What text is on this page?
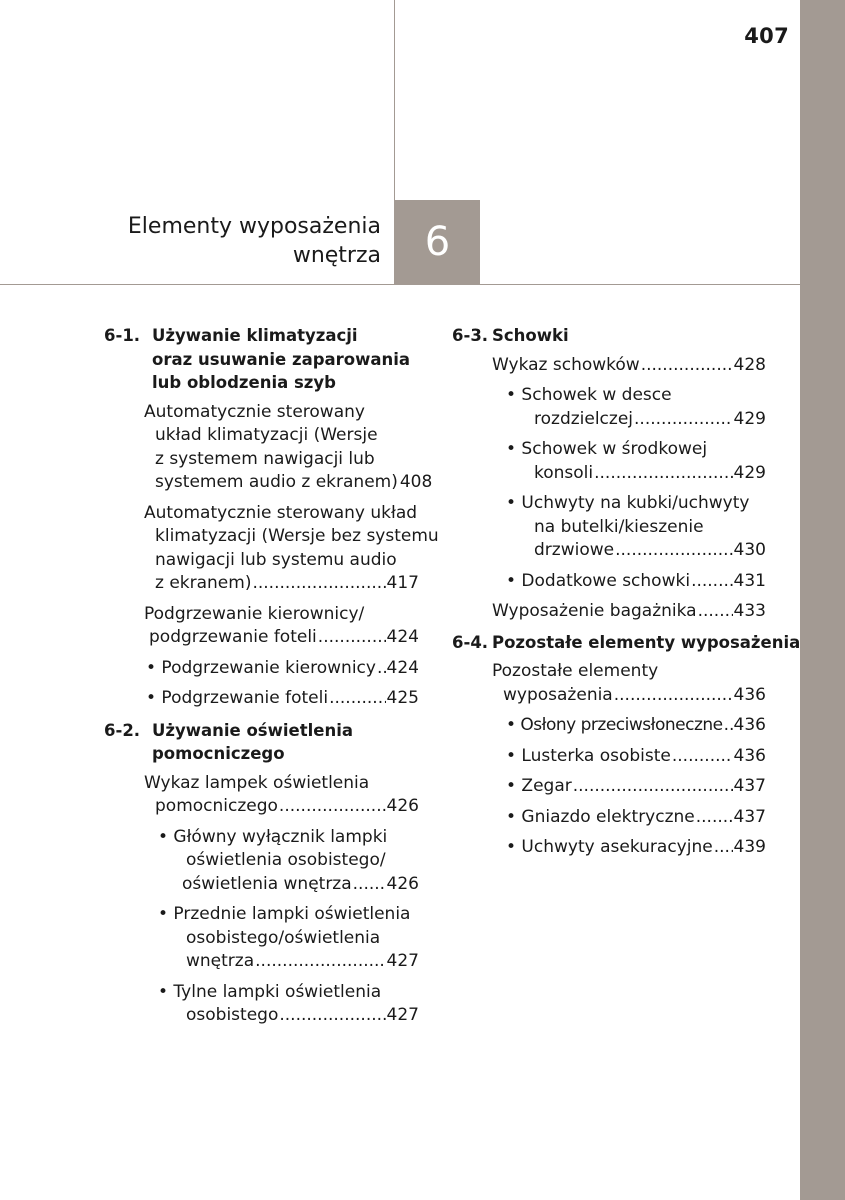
407
Elementy wyposażenia
wnętrza 6
6-1. Używanie klimatyzacji
oraz usuwanie zaparowania
lub oblodzenia szyb
Automatycznie sterowany
układ klimatyzacji (Wersje
z systemem nawigacji lub
systemem audio z ekranem) 408
Automatycznie sterowany układ
klimatyzacji (Wersje bez systemu
nawigacji lub systemu audio
z ekranem) .....	417
Podgrzewanie kierownicy/
podgrzewanie foteli .....	424
• Podgrzewanie kierownicy ..... 424
• Podgrzewanie foteli .....	425
6-2. Używanie oświetlenia
pomocniczego
Wykaz lampek oświetlenia
pomocniczego .....	426
• Główny wyłącznik lampki
oświetlenia osobistego/
oświetlenia wnętrza ..... 426
• Przednie lampki oświetlenia
osobistego/oświetlenia
wnętrza .....	427
• Tylne lampki oświetlenia
osobistego .....	427
6-3. Schowki
Wykaz schowków .....	428
• Schowek w desce
rozdzielczej .....	429
• Schowek w środkowej
konsoli .....	429
• Uchwyty na kubki/uchwyty
na butelki/kieszenie
drzwiowe .....	430
• Dodatkowe schowki .....	431
Wyposażenie bagażnika ..... 433
6-4. Pozostałe elementy wyposażenia
Pozostałe elementy
wyposażenia .....	436
• Osłony przeciwsłoneczne ..... 436
• Lusterka osobiste .....	436
• Zegar .....	437
• Gniazdo elektryczne ..... 437
• Uchwyty asekuracyjne ..... 439
